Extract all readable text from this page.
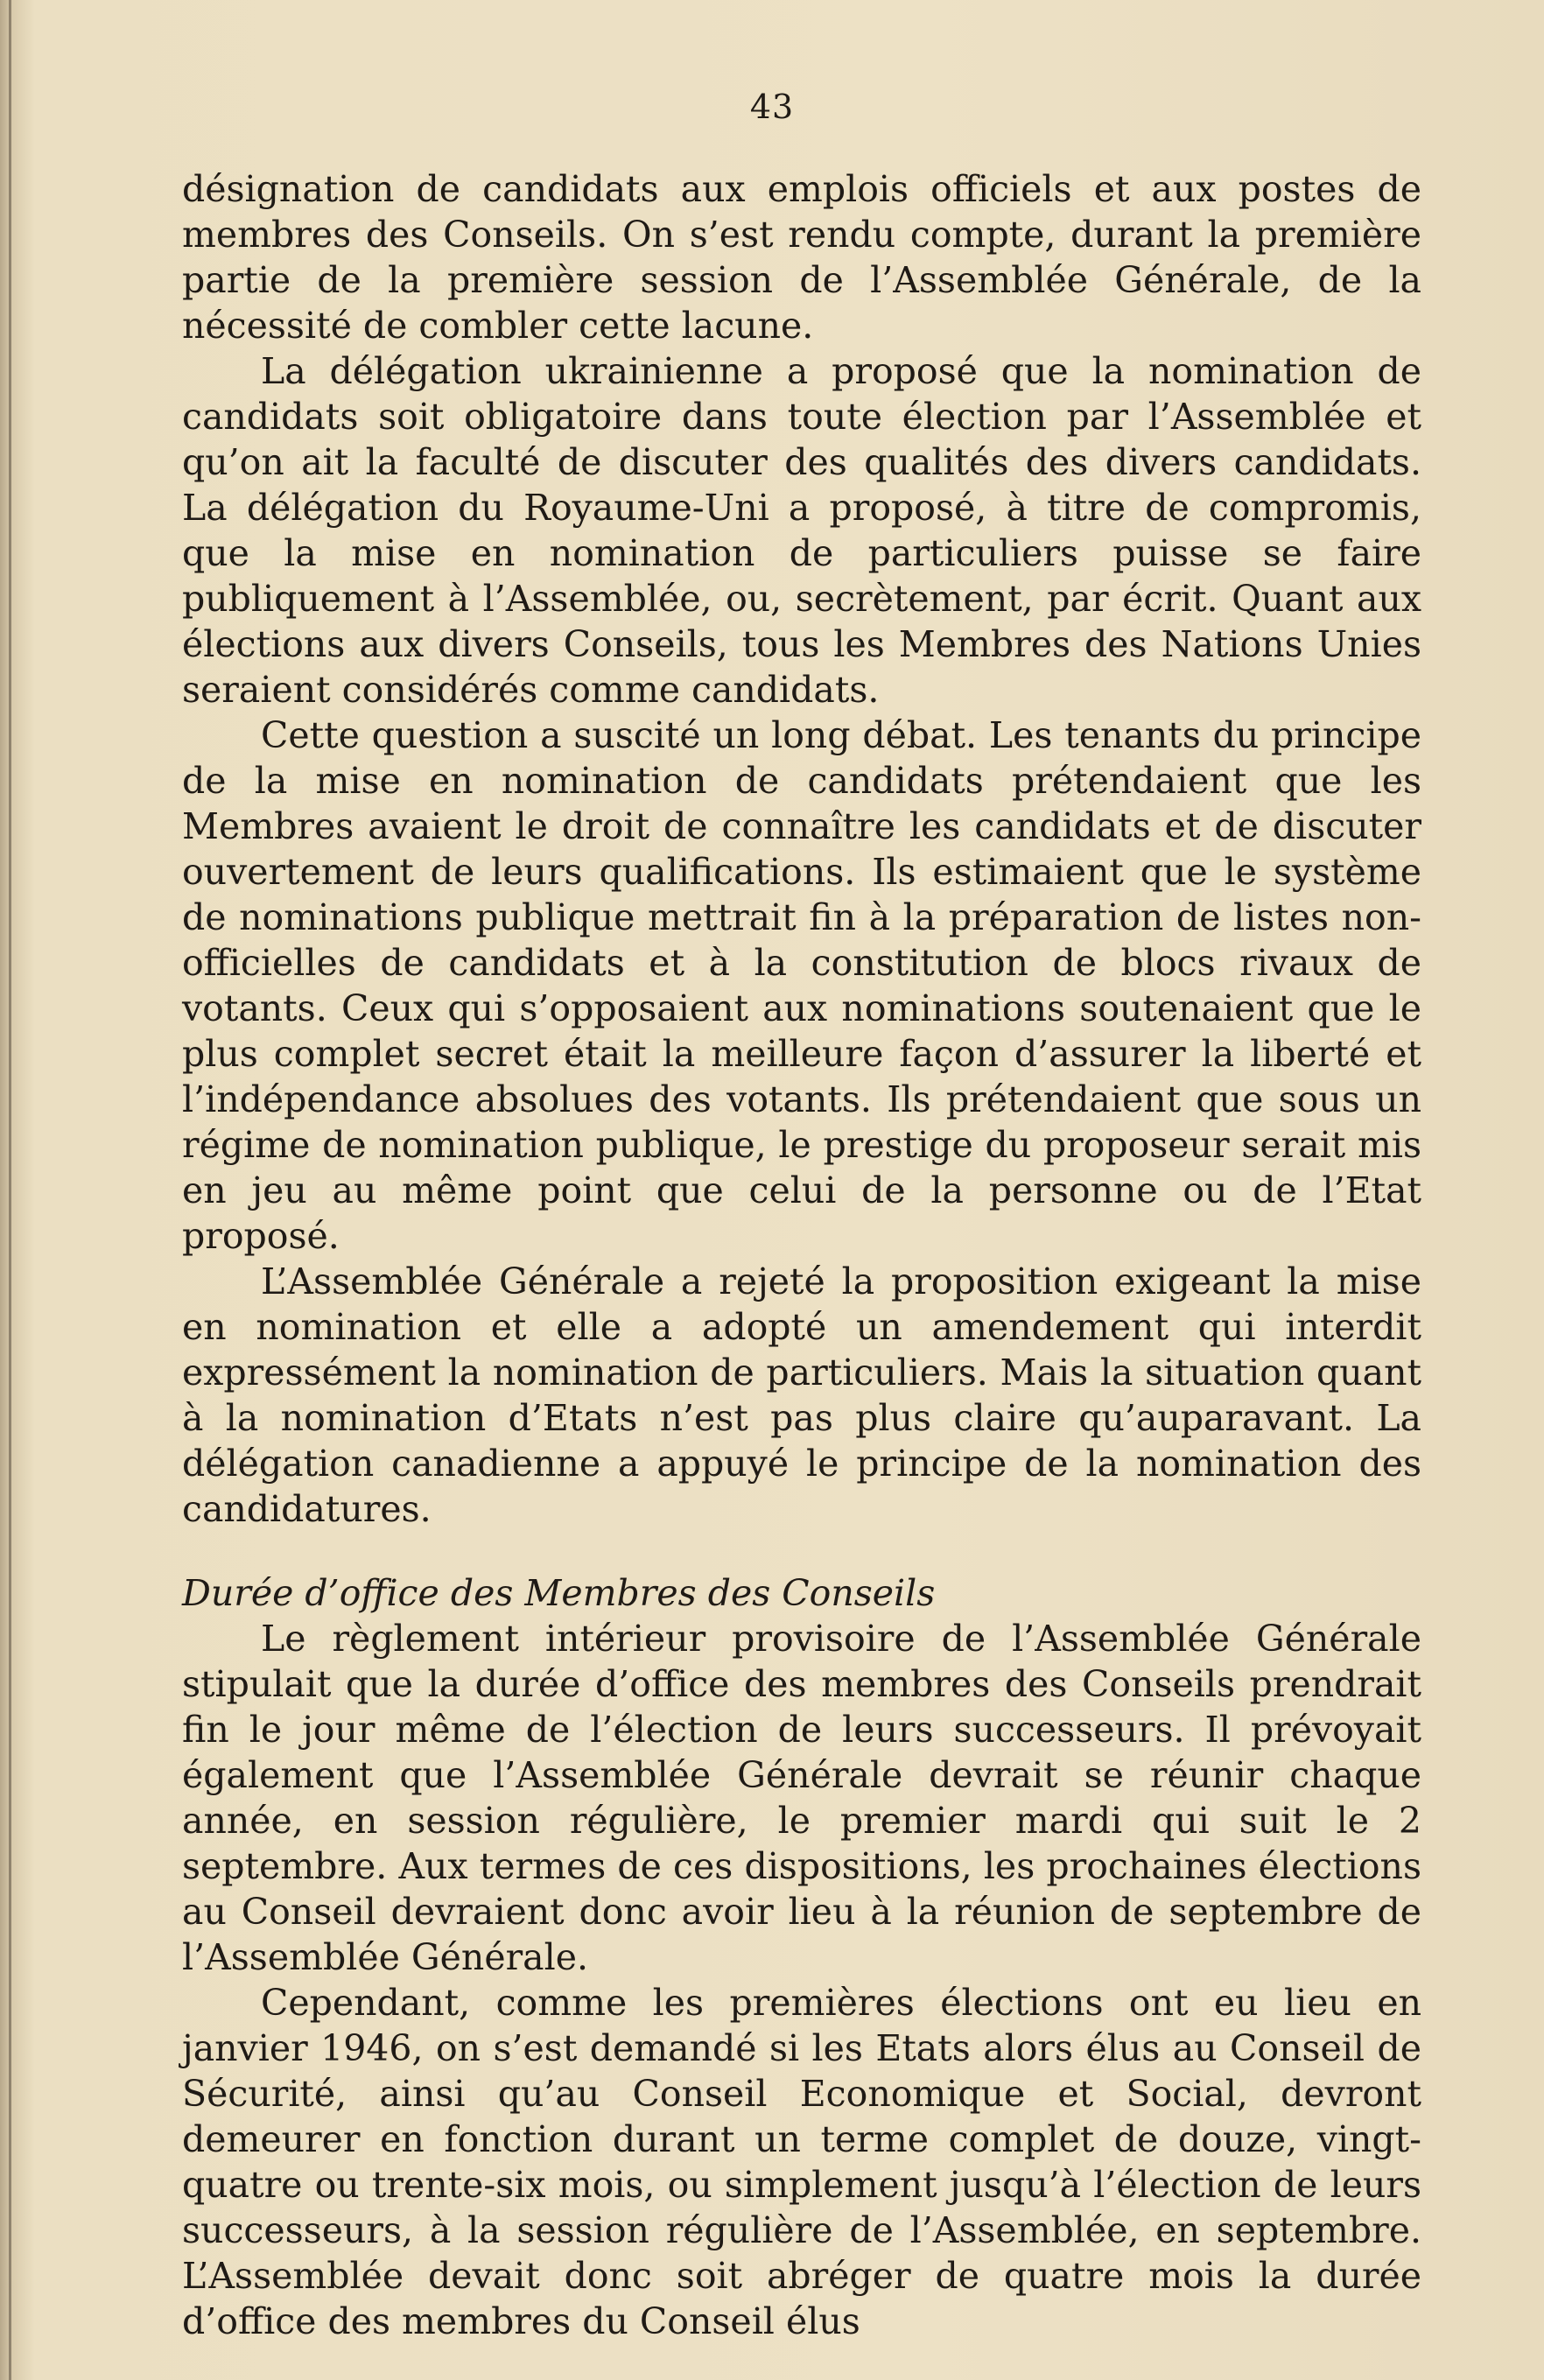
43

désignation de candidats aux emplois officiels et aux postes de membres des Conseils. On s’est rendu compte, durant la première partie de la première session de l’Assemblée Générale, de la nécessité de combler cette lacune.

La délégation ukrainienne a proposé que la nomination de candidats soit obligatoire dans toute élection par l’Assemblée et qu’on ait la faculté de discuter des qualités des divers candidats. La délégation du Royaume-Uni a proposé, à titre de compromis, que la mise en nomination de particuliers puisse se faire publiquement à l’Assemblée, ou, secrètement, par écrit. Quant aux élections aux divers Conseils, tous les Membres des Nations Unies seraient considérés comme candidats.

Cette question a suscité un long débat. Les tenants du principe de la mise en nomination de candidats prétendaient que les Membres avaient le droit de connaître les candidats et de discuter ouvertement de leurs qualifications. Ils estimaient que le système de nominations publique mettrait fin à la préparation de listes non-officielles de candidats et à la constitution de blocs rivaux de votants. Ceux qui s’opposaient aux nominations soutenaient que le plus complet secret était la meilleure façon d’assurer la liberté et l’indépendance absolues des votants. Ils prétendaient que sous un régime de nomination publique, le prestige du proposeur serait mis en jeu au même point que celui de la personne ou de l’Etat proposé.

L’Assemblée Générale a rejeté la proposition exigeant la mise en nomination et elle a adopté un amendement qui interdit expressément la nomination de particuliers. Mais la situation quant à la nomination d’Etats n’est pas plus claire qu’auparavant. La délégation canadienne a appuyé le principe de la nomination des candidatures.

Durée d’office des Membres des Conseils

Le règlement intérieur provisoire de l’Assemblée Générale stipulait que la durée d’office des membres des Conseils prendrait fin le jour même de l’élection de leurs successeurs. Il prévoyait également que l’Assemblée Générale devrait se réunir chaque année, en session régulière, le premier mardi qui suit le 2 septembre. Aux termes de ces dispositions, les prochaines élections au Conseil devraient donc avoir lieu à la réunion de septembre de l’Assemblée Générale.

Cependant, comme les premières élections ont eu lieu en janvier 1946, on s’est demandé si les Etats alors élus au Conseil de Sécurité, ainsi qu’au Conseil Economique et Social, devront demeurer en fonction durant un terme complet de douze, vingt-quatre ou trente-six mois, ou simplement jusqu’à l’élection de leurs successeurs, à la session régulière de l’Assemblée, en septembre. L’Assemblée devait donc soit abréger de quatre mois la durée d’office des membres du Conseil élus
